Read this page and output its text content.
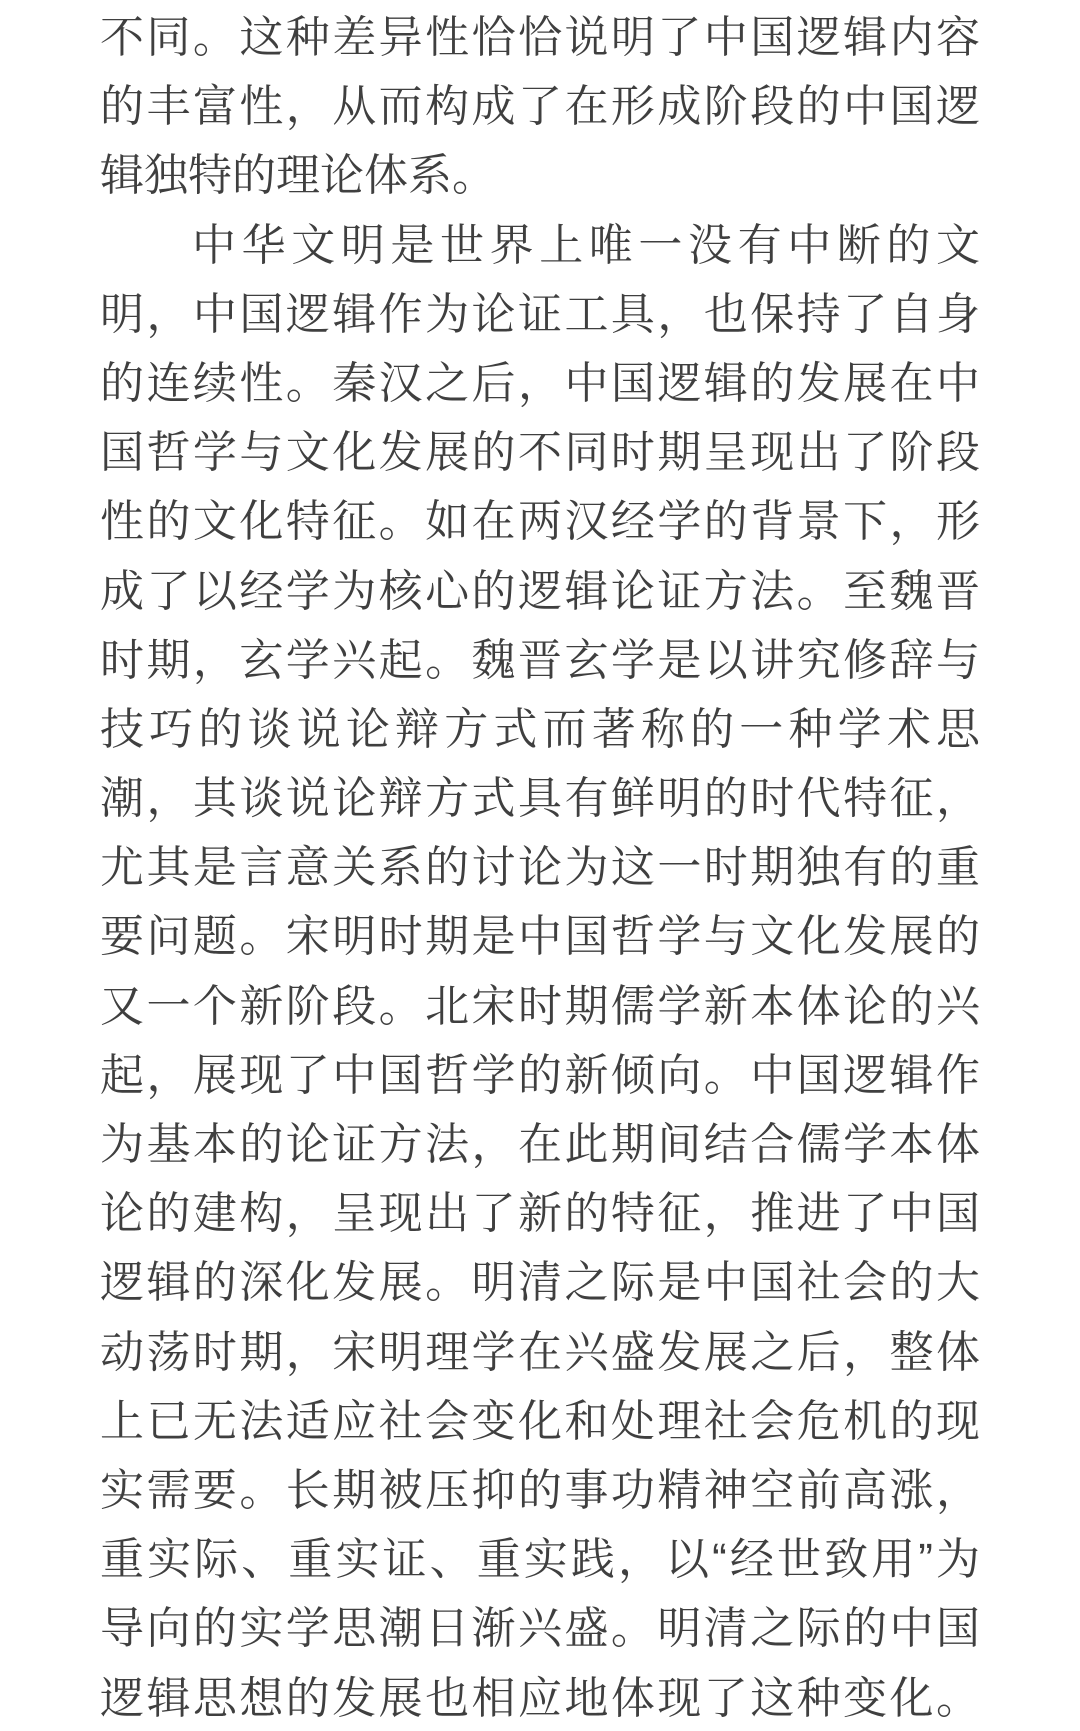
不同。这种差异性恰恰说明了中国逻辑内容
的丰富性，从而构成了在形成阶段的中国逻
辑独特的理论体系。
中华文明是世界上唯一没有中断的文
明，中国逻辑作为论证工具，也保持了自身
的连续性。秦汉之后，中国逻辑的发展在中
国哲学与文化发展的不同时期呈现出了阶段
性的文化特征。如在两汉经学的背景下，形
成了以经学为核心的逻辑论证方法。至魏晋
时期，玄学兴起。魏晋玄学是以讲究修辞与
技巧的谈说论辩方式而著称的一种学术思
潮，其谈说论辩方式具有鲜明的时代特征，
尤其是言意关系的讨论为这一时期独有的重
要问题。宋明时期是中国哲学与文化发展的
又一个新阶段。北宋时期儒学新本体论的兴
起，展现了中国哲学的新倾向。中国逻辑作
为基本的论证方法，在此期间结合儒学本体
论的建构，呈现出了新的特征，推进了中国
逻辑的深化发展。明清之际是中国社会的大
动荡时期，宋明理学在兴盛发展之后，整体
上已无法适应社会变化和处理社会危机的现
实需要。长期被压抑的事功精神空前高涨，
重实际、重实证、重实践，以“经世致用”为
导向的实学思潮日渐兴盛。明清之际的中国
逻辑思想的发展也相应地体现了这种变化。
